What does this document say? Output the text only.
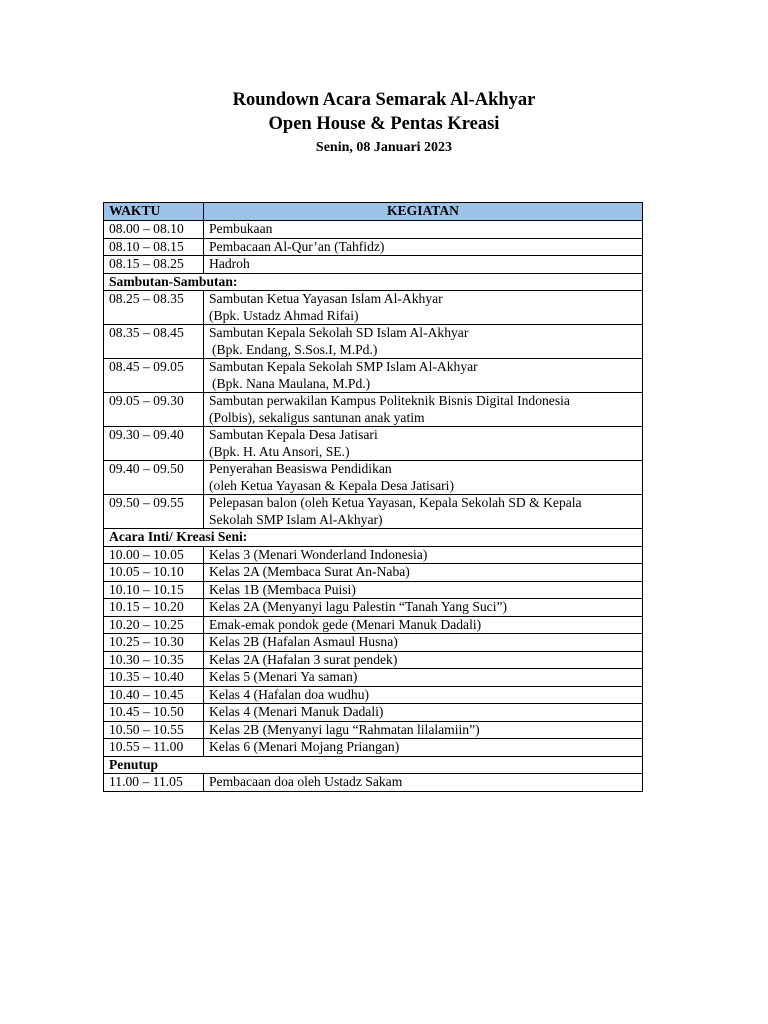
Roundown Acara Semarak Al-Akhyar
Open House & Pentas Kreasi
Senin, 08 Januari 2023
WAKTU	KEGIATAN
08.00 – 08.10	Pembukaan

08.10 – 08.15	Pembacaan Al-Qur’an (Tahfidz)

08.15 – 08.25	Hadroh

Sambutan-Sambutan:	
08.25 – 08.35	Sambutan Ketua Yayasan Islam Al-Akhyar
(Bpk. Ustadz Ahmad Rifai)

08.35 – 08.45	Sambutan Kepala Sekolah SD Islam Al-Akhyar
(Bpk. Endang, S.Sos.I, M.Pd.)

08.45 – 09.05	Sambutan Kepala Sekolah SMP Islam Al-Akhyar
(Bpk. Nana Maulana, M.Pd.)

09.05 – 09.30	Sambutan perwakilan Kampus Politeknik Bisnis Digital Indonesia
(Polbis), sekaligus santunan anak yatim

09.30 – 09.40	Sambutan Kepala Desa Jatisari
(Bpk. H. Atu Ansori, SE.)

09.40 – 09.50	Penyerahan Beasiswa Pendidikan
(oleh Ketua Yayasan & Kepala Desa Jatisari)

09.50 – 09.55	Pelepasan balon (oleh Ketua Yayasan, Kepala Sekolah SD & Kepala
Sekolah SMP Islam Al-Akhyar)

Acara Inti/ Kreasi Seni:	
10.00 – 10.05	Kelas 3 (Menari Wonderland Indonesia)

10.05 – 10.10	Kelas 2A (Membaca Surat An-Naba)

10.10 – 10.15	Kelas 1B (Membaca Puisi)

10.15 – 10.20	Kelas 2A (Menyanyi lagu Palestin “Tanah Yang Suci”)

10.20 – 10.25	Emak-emak pondok gede (Menari Manuk Dadali)

10.25 – 10.30	Kelas 2B (Hafalan Asmaul Husna)

10.30 – 10.35	Kelas 2A (Hafalan 3 surat pendek)

10.35 – 10.40	Kelas 5 (Menari Ya saman)

10.40 – 10.45	Kelas 4 (Hafalan doa wudhu)

10.45 – 10.50	Kelas 4 (Menari Manuk Dadali)

10.50 – 10.55	Kelas 2B (Menyanyi lagu “Rahmatan lilalamiin”)

10.55 – 11.00	Kelas 6 (Menari Mojang Priangan)

Penutup	
11.00 – 11.05	Pembacaan doa oleh Ustadz Sakam
